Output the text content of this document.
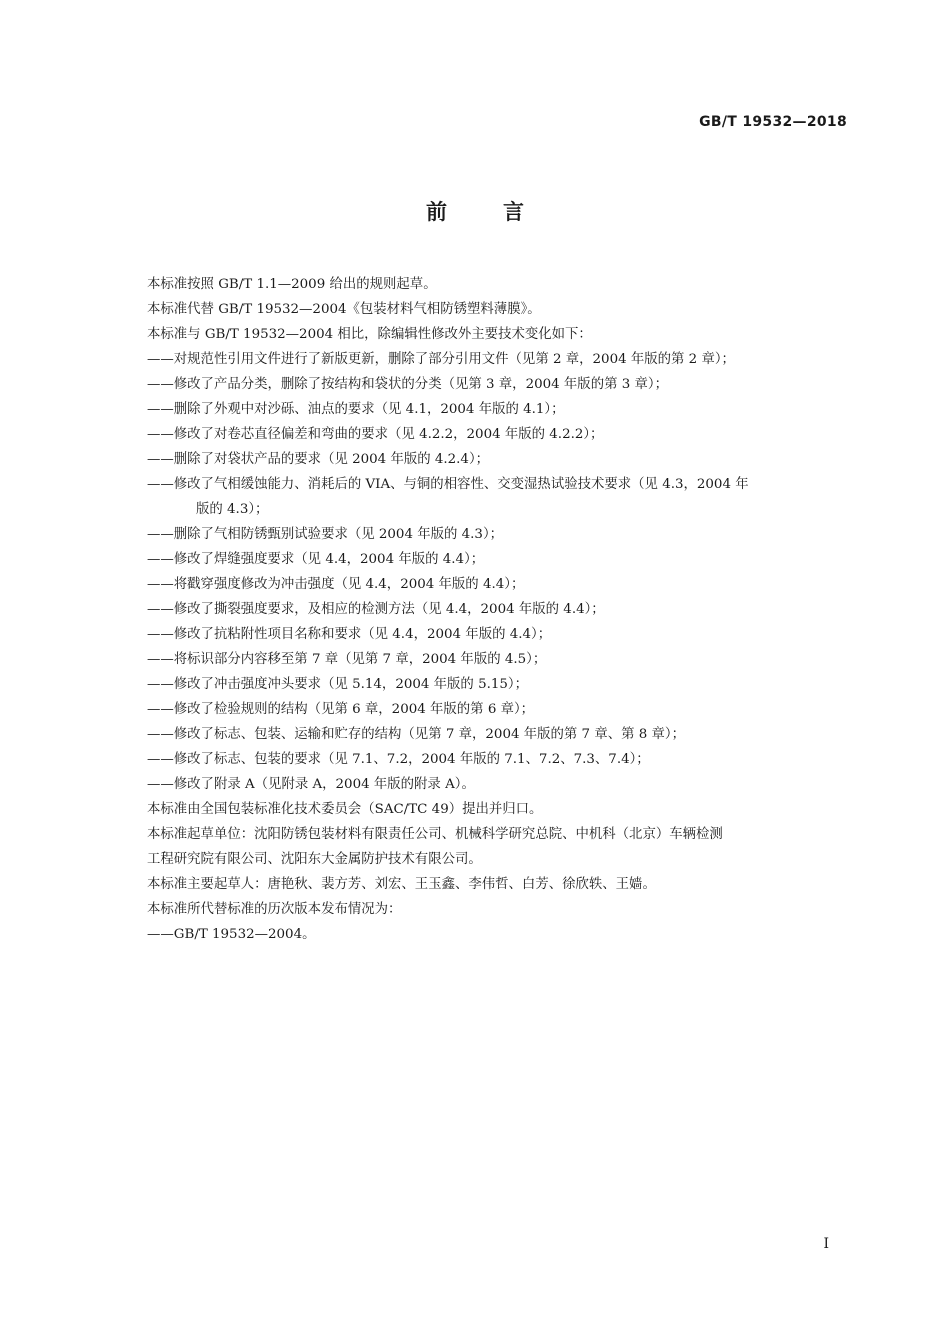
GB/T 19532—2018
前言
本标准按照 GB/T 1.1—2009 给出的规则起草。
本标准代替 GB/T 19532—2004《包装材料气相防锈塑料薄膜》。
本标准与 GB/T 19532—2004 相比，除编辑性修改外主要技术变化如下：
——对规范性引用文件进行了新版更新，删除了部分引用文件（见第 2 章，2004 年版的第 2 章）；
——修改了产品分类，删除了按结构和袋状的分类（见第 3 章，2004 年版的第 3 章）；
——删除了外观中对沙砾、油点的要求（见 4.1，2004 年版的 4.1）；
——修改了对卷芯直径偏差和弯曲的要求（见 4.2.2，2004 年版的 4.2.2）；
——删除了对袋状产品的要求（见 2004 年版的 4.2.4）；
——修改了气相缓蚀能力、消耗后的 VIA、与铜的相容性、交变湿热试验技术要求（见 4.3，2004 年
版的 4.3）；
——删除了气相防锈甄别试验要求（见 2004 年版的 4.3）；
——修改了焊缝强度要求（见 4.4，2004 年版的 4.4）；
——将戳穿强度修改为冲击强度（见 4.4，2004 年版的 4.4）；
——修改了撕裂强度要求，及相应的检测方法（见 4.4，2004 年版的 4.4）；
——修改了抗粘附性项目名称和要求（见 4.4，2004 年版的 4.4）；
——将标识部分内容移至第 7 章（见第 7 章，2004 年版的 4.5）；
——修改了冲击强度冲头要求（见 5.14，2004 年版的 5.15）；
——修改了检验规则的结构（见第 6 章，2004 年版的第 6 章）；
——修改了标志、包装、运输和贮存的结构（见第 7 章，2004 年版的第 7 章、第 8 章）；
——修改了标志、包装的要求（见 7.1、7.2，2004 年版的 7.1、7.2、7.3、7.4）；
——修改了附录 A（见附录 A，2004 年版的附录 A）。
本标准由全国包装标准化技术委员会（SAC/TC 49）提出并归口。
本标准起草单位：沈阳防锈包装材料有限责任公司、机械科学研究总院、中机科（北京）车辆检测
工程研究院有限公司、沈阳东大金属防护技术有限公司。
本标准主要起草人：唐艳秋、裴方芳、刘宏、王玉鑫、李伟哲、白芳、徐欣轶、王嫱。
本标准所代替标准的历次版本发布情况为：
——GB/T 19532—2004。
I
